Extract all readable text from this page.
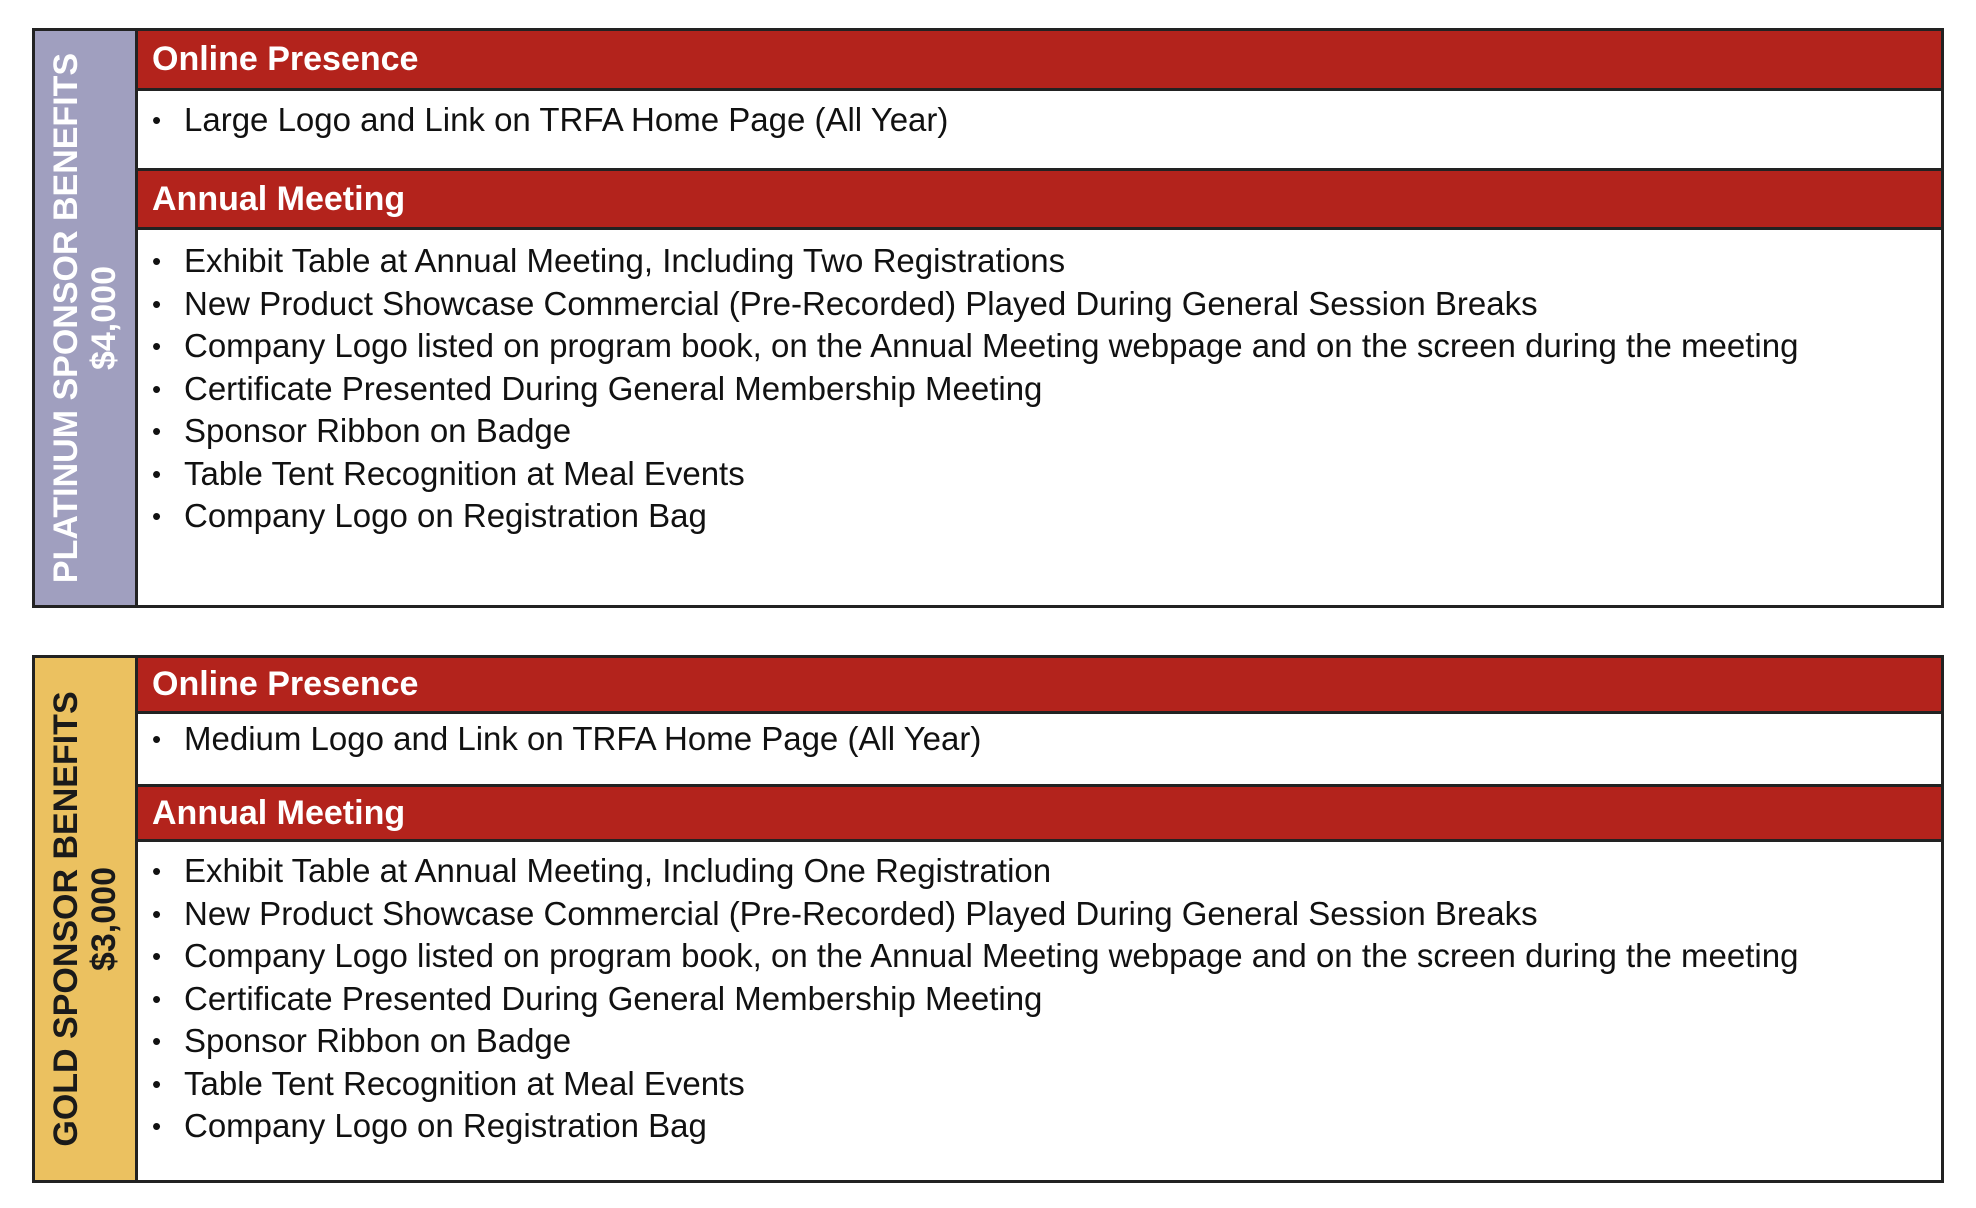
PLATINUM SPONSOR BENEFITS $4,000
Online Presence
• Large Logo and Link on TRFA Home Page (All Year)
Annual Meeting
• Exhibit Table at Annual Meeting, Including Two Registrations
• New Product Showcase Commercial (Pre-Recorded) Played During General Session Breaks
• Company Logo listed on program book, on the Annual Meeting webpage and on the screen during the meeting
• Certificate Presented During General Membership Meeting
• Sponsor Ribbon on Badge
• Table Tent Recognition at Meal Events
• Company Logo on Registration Bag
GOLD SPONSOR BENEFITS $3,000
Online Presence
• Medium Logo and Link on TRFA Home Page (All Year)
Annual Meeting
• Exhibit Table at Annual Meeting, Including One Registration
• New Product Showcase Commercial (Pre-Recorded) Played During General Session Breaks
• Company Logo listed on program book, on the Annual Meeting webpage and on the screen during the meeting
• Certificate Presented During General Membership Meeting
• Sponsor Ribbon on Badge
• Table Tent Recognition at Meal Events
• Company Logo on Registration Bag
